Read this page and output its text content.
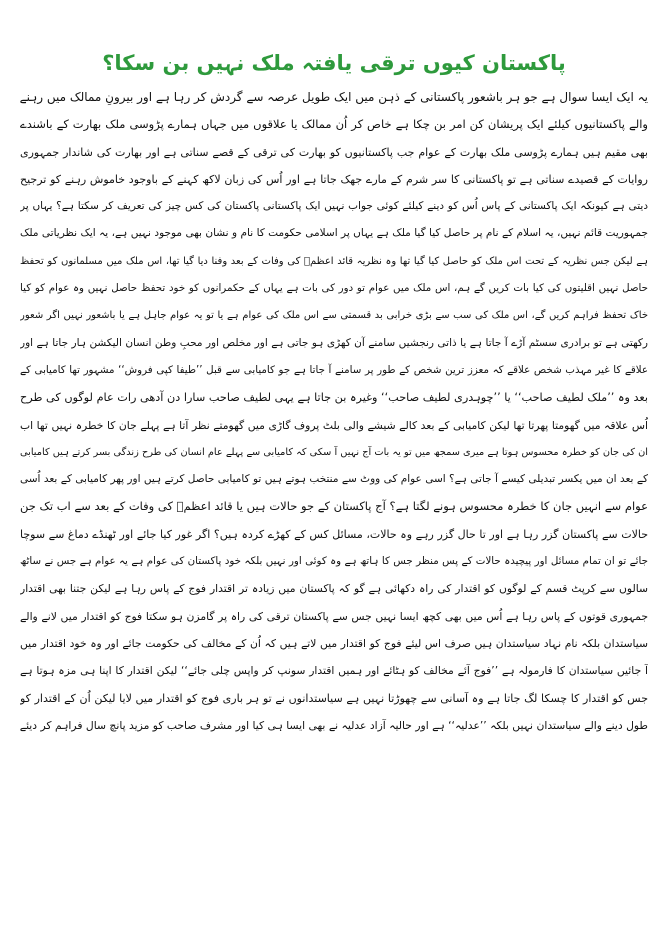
پاکستان کیوں ترقی یافتہ ملک نہیں بن سکا؟
یہ ایک ایسا سوال ہے جو ہر باشعور پاکستانی کے ذہن میں ایک طویل عرصہ سے گردش کر رہا ہے اور بیرونِ ممالک میں رہنے
والے پاکستانیوں کیلئے ایک پریشان کن امر بن چکا ہے خاص کر اُن ممالک یا علاقوں میں جہاں ہمارے پڑوسی ملک بھارت کے باشندے
بھی مقیم ہیں ہمارے پڑوسی ملک بھارت کے عوام جب پاکستانیوں کو بھارت کی ترقی کے قصے سناتی ہے اور بھارت کی شاندار جمہوری
روایات کے قصیدے سناتی ہے تو پاکستانی کا سر شرم کے مارے جھک جاتا ہے اور اُس کی زبان لاکھ کہنے کے باوجود خاموش رہنے کو ترجیح
دیتی ہے کیونکہ ایک پاکستانی کے پاس اُس کو دینے کیلئے کوئی جواب نہیں ایک پاکستانی پاکستان کی کس چیز کی تعریف کر سکتا ہے؟ یہاں پر
جمہوریت قائم نہیں، یہ اسلام کے نام پر حاصل کیا گیا ملک ہے یہاں پر اسلامی حکومت کا نام و نشان بھی موجود نہیں ہے، یہ ایک نظریاتی ملک
ہے لیکن جس نظریہ کے تحت اس ملک کو حاصل کیا گیا تھا وہ نظریہ قائد اعظمؒ کی وفات کے بعد وفنا دیا گیا تھا، اس ملک میں مسلمانوں کو تحفظ
حاصل نہیں اقلیتوں کی کیا بات کریں گے ہم، اس ملک میں عوام تو دور کی بات ہے یہاں کے حکمرانوں کو خود تحفظ حاصل نہیں وہ عوام کو کیا
خاک تحفظ فراہم کریں گے، اس ملک کی سب سے بڑی خرابی بد قسمتی سے اس ملک کی عوام ہے یا تو یہ عوام جاہل ہے یا باشعور نہیں اگر شعور
رکھتی ہے تو برادری سسٹم آڑے آ جاتا ہے یا ذاتی رنجشیں سامنے آن کھڑی ہو جاتی ہے اور مخلص اور محبِ وطن انسان الیکشن ہار جاتا ہے اور
علاقے کا غیر مہذب شخص علاقے کہ معزز ترین شخص کے طور پر سامنے آ جاتا ہے جو کامیابی سے قبل ’’طیفا کپی فروش‘‘ مشہور تھا کامیابی کے
بعد وہ ’’ملک لطیف صاحب‘‘ یا ’’چوہدری لطیف صاحب‘‘ وغیرہ بن جاتا ہے یہی لطیف صاحب سارا دن آدھی رات عام لوگوں کی طرح
اُس علاقہ میں گھومتا پھرتا تھا لیکن کامیابی کے بعد کالے شیشے والی بلٹ پروف گاڑی میں گھومتے نظر آتا ہے پہلے جان کا خطرہ نہیں تھا اب
ان کی جان کو خطرہ محسوس ہوتا ہے میری سمجھ میں تو یہ بات آج نہیں آ سکی کہ کامیابی سے پہلے عام انسان کی طرح زندگی بسر کرتے ہیں کامیابی
کے بعد ان میں یکسر تبدیلی کیسے آ جاتی ہے؟ اسی عوام کی ووٹ سے منتخب ہوتے ہیں تو کامیابی حاصل کرتے ہیں اور پھر کامیابی کے بعد اُسی
عوام سے انہیں جان کا خطرہ محسوس ہونے لگتا ہے؟ آج پاکستان کے جو حالات ہیں یا قائد اعظمؒ کی وفات کے بعد سے اب تک جن
حالات سے پاکستان گزر رہا ہے اور تا حال گزر رہے وہ حالات، مسائل کس کے کھڑے کردہ ہیں؟ اگر غور کیا جائے اور ٹھنڈے دماغ سے سوچا
جائے تو ان تمام مسائل اور پیچیدہ حالات کے پس منظر جس کا ہاتھ ہے وہ کوئی اور نہیں بلکہ خود پاکستان کی عوام ہے یہ عوام ہے جس نے ساٹھ
سالوں سے کرپٹ قسم کے لوگوں کو اقتدار کی راہ دکھائی ہے گو کہ پاکستان میں زیادہ تر اقتدار فوج کے پاس رہا ہے لیکن جتنا بھی اقتدار
جمہوری قوتوں کے پاس رہا ہے اُس میں بھی کچھ ایسا نہیں جس سے پاکستان ترقی کی راہ پر گامزن ہو سکتا فوج کو اقتدار میں لانے والے
سیاستدان بلکہ نام نہاد سیاستدان ہیں صرف اس لیئے فوج کو اقتدار میں لاتے ہیں کہ اُن کے مخالف کی حکومت جائے اور وہ خود اقتدار میں
آ جائیں سیاستدان کا فارمولہ ہے ’’فوج آئے مخالف کو ہٹائے اور ہمیں اقتدار سونپ کر واپس چلی جائے‘‘ لیکن اقتدار کا اپنا ہی مزہ ہوتا ہے
جس کو اقتدار کا چسکا لگ جاتا ہے وہ آسانی سے چھوڑتا نہیں ہے سیاستدانوں نے تو ہر باری فوج کو اقتدار میں لایا لیکن اُن کے اقتدار کو
طول دینے والے سیاستدان نہیں بلکہ ’’عدلیہ‘‘ ہے اور حالیہ آزاد عدلیہ نے بھی ایسا ہی کیا اور مشرف صاحب کو مزید پانچ سال فراہم کر دیئے
